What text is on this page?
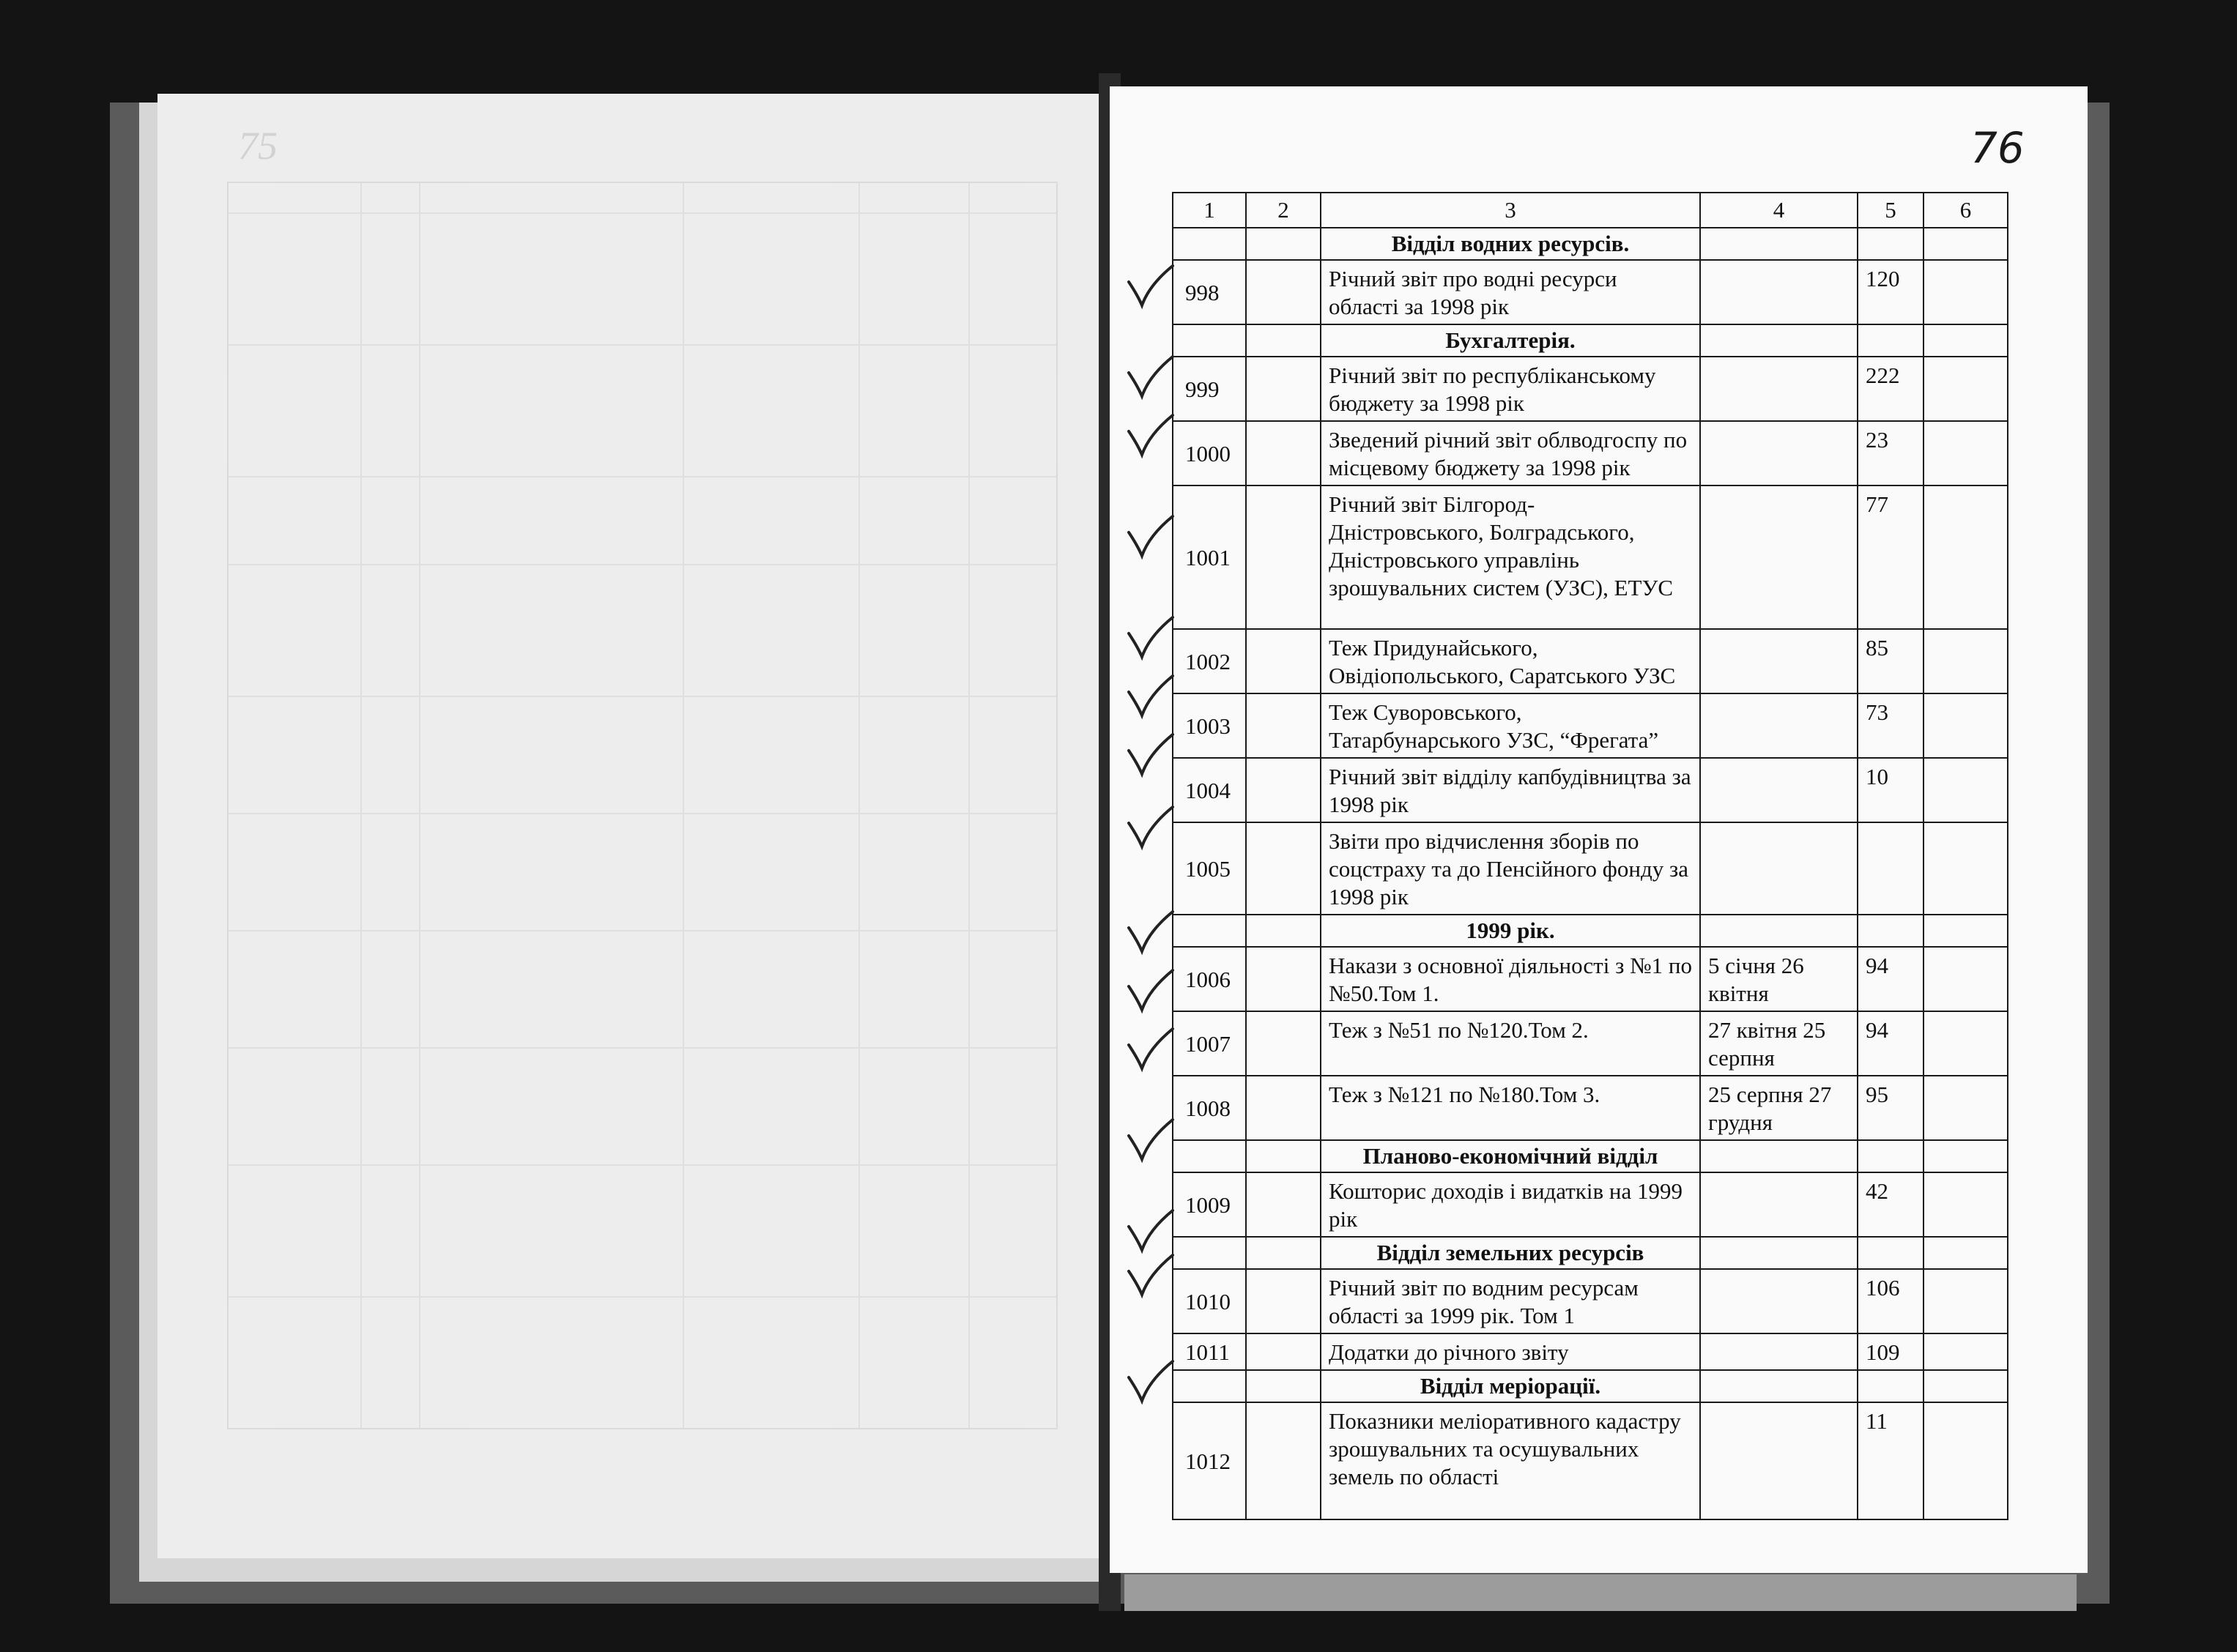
75	76
1	2	3	4	5	6
		Відділ водних ресурсів.			
998		Річний звіт про водні ресурси області за 1998 рік		120	
		Бухгалтерія.			
999		Річний звіт по республіканському бюджету за 1998 рік		222	
1000		Зведений річний звіт облводгоспу по місцевому бюджету за 1998 рік		23	
1001		Річний звіт Білгород- Дністровського, Болградського, Дністровського управлінь зрошувальних систем (УЗС), ЕТУС		77	
1002		Теж Придунайського, Овідіопольського, Саратського УЗС		85	
1003		Теж Суворовського, Татарбунарського УЗС, “Фрегата”		73	
1004		Річний звіт відділу капбудівництва за 1998 рік		10	
1005		Звіти про відчислення зборів по соцстраху та до Пенсійного фонду за 1998 рік			
		1999 рік.			
1006		Накази з основної діяльності з №1 по №50.Том 1.	5 січня 26 квітня	94	
1007		Теж з №51 по №120.Том 2.	27 квітня 25 серпня	94	
1008		Теж з №121 по №180.Том 3.	25 серпня 27 грудня	95	
		Планово-економічний відділ			
1009		Кошторис доходів і видатків на 1999 рік		42	
		Відділ земельних ресурсів			
1010		Річний звіт по водним ресурсам області за 1999 рік. Том 1		106	
1011		Додатки до річного звіту		109	
		Відділ меріорації.			
1012		Показники меліоративного кадастру зрошувальних та осушувальних земель по області		11	
